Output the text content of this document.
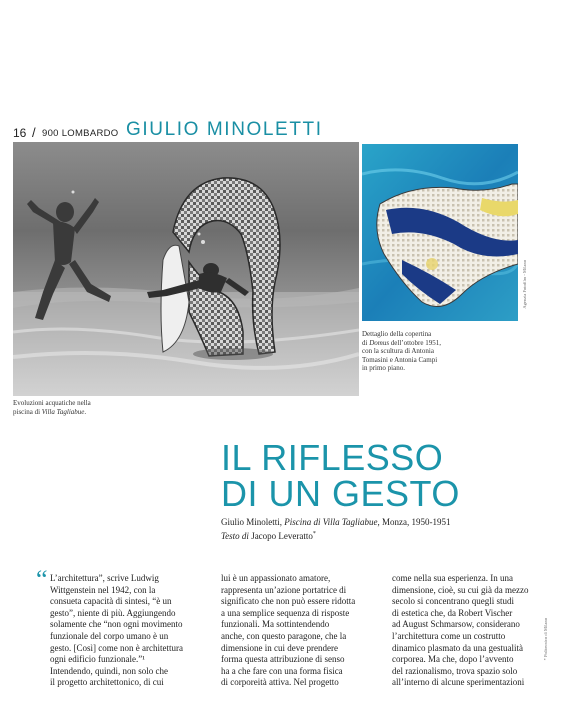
16 / 900 LOMBARDO GIULIO MINOLETTI
Evoluzioni acquatiche nella
piscina di Villa Tagliabue.
Agenzia Fotofilm - Milano
Dettaglio della copertina
di Domus dell’ottobre 1951,
con la scultura di Antonia
Tomasini e Antonia Campi
in primo piano.
IL RIFLESSO
DI UN GESTO
Giulio Minoletti, Piscina di Villa Tagliabue, Monza, 1950-1951
Testo di Jacopo Leveratto*
“ L’architettura”, scrive Ludwig

Wittgenstein nel 1942, con la

consueta capacità di sintesi, “è un

gesto”, niente di più. Aggiungendo

solamente che “non ogni movimento

funzionale del corpo umano è un

gesto. [Così] come non è architettura

ogni edificio funzionale.”¹

Intendendo, quindi, non solo che

il progetto architettonico, di cui

lui è un appassionato amatore,

rappresenta un’azione portatrice di

significato che non può essere ridotta

a una semplice sequenza di risposte

funzionali. Ma sottintendendo

anche, con questo paragone, che la

dimensione in cui deve prendere

forma questa attribuzione di senso

ha a che fare con una forma fisica

di corporeità attiva. Nel progetto

come nella sua esperienza. In una

dimensione, cioè, su cui già da mezzo

secolo si concentrano quegli studi

di estetica che, da Robert Vischer

ad August Schmarsow, considerano

l’architettura come un costrutto

dinamico plasmato da una gestualità

corporea. Ma che, dopo l’avvento

del razionalismo, trova spazio solo

all’interno di alcune sperimentazioni

* Politecnico di Milano
